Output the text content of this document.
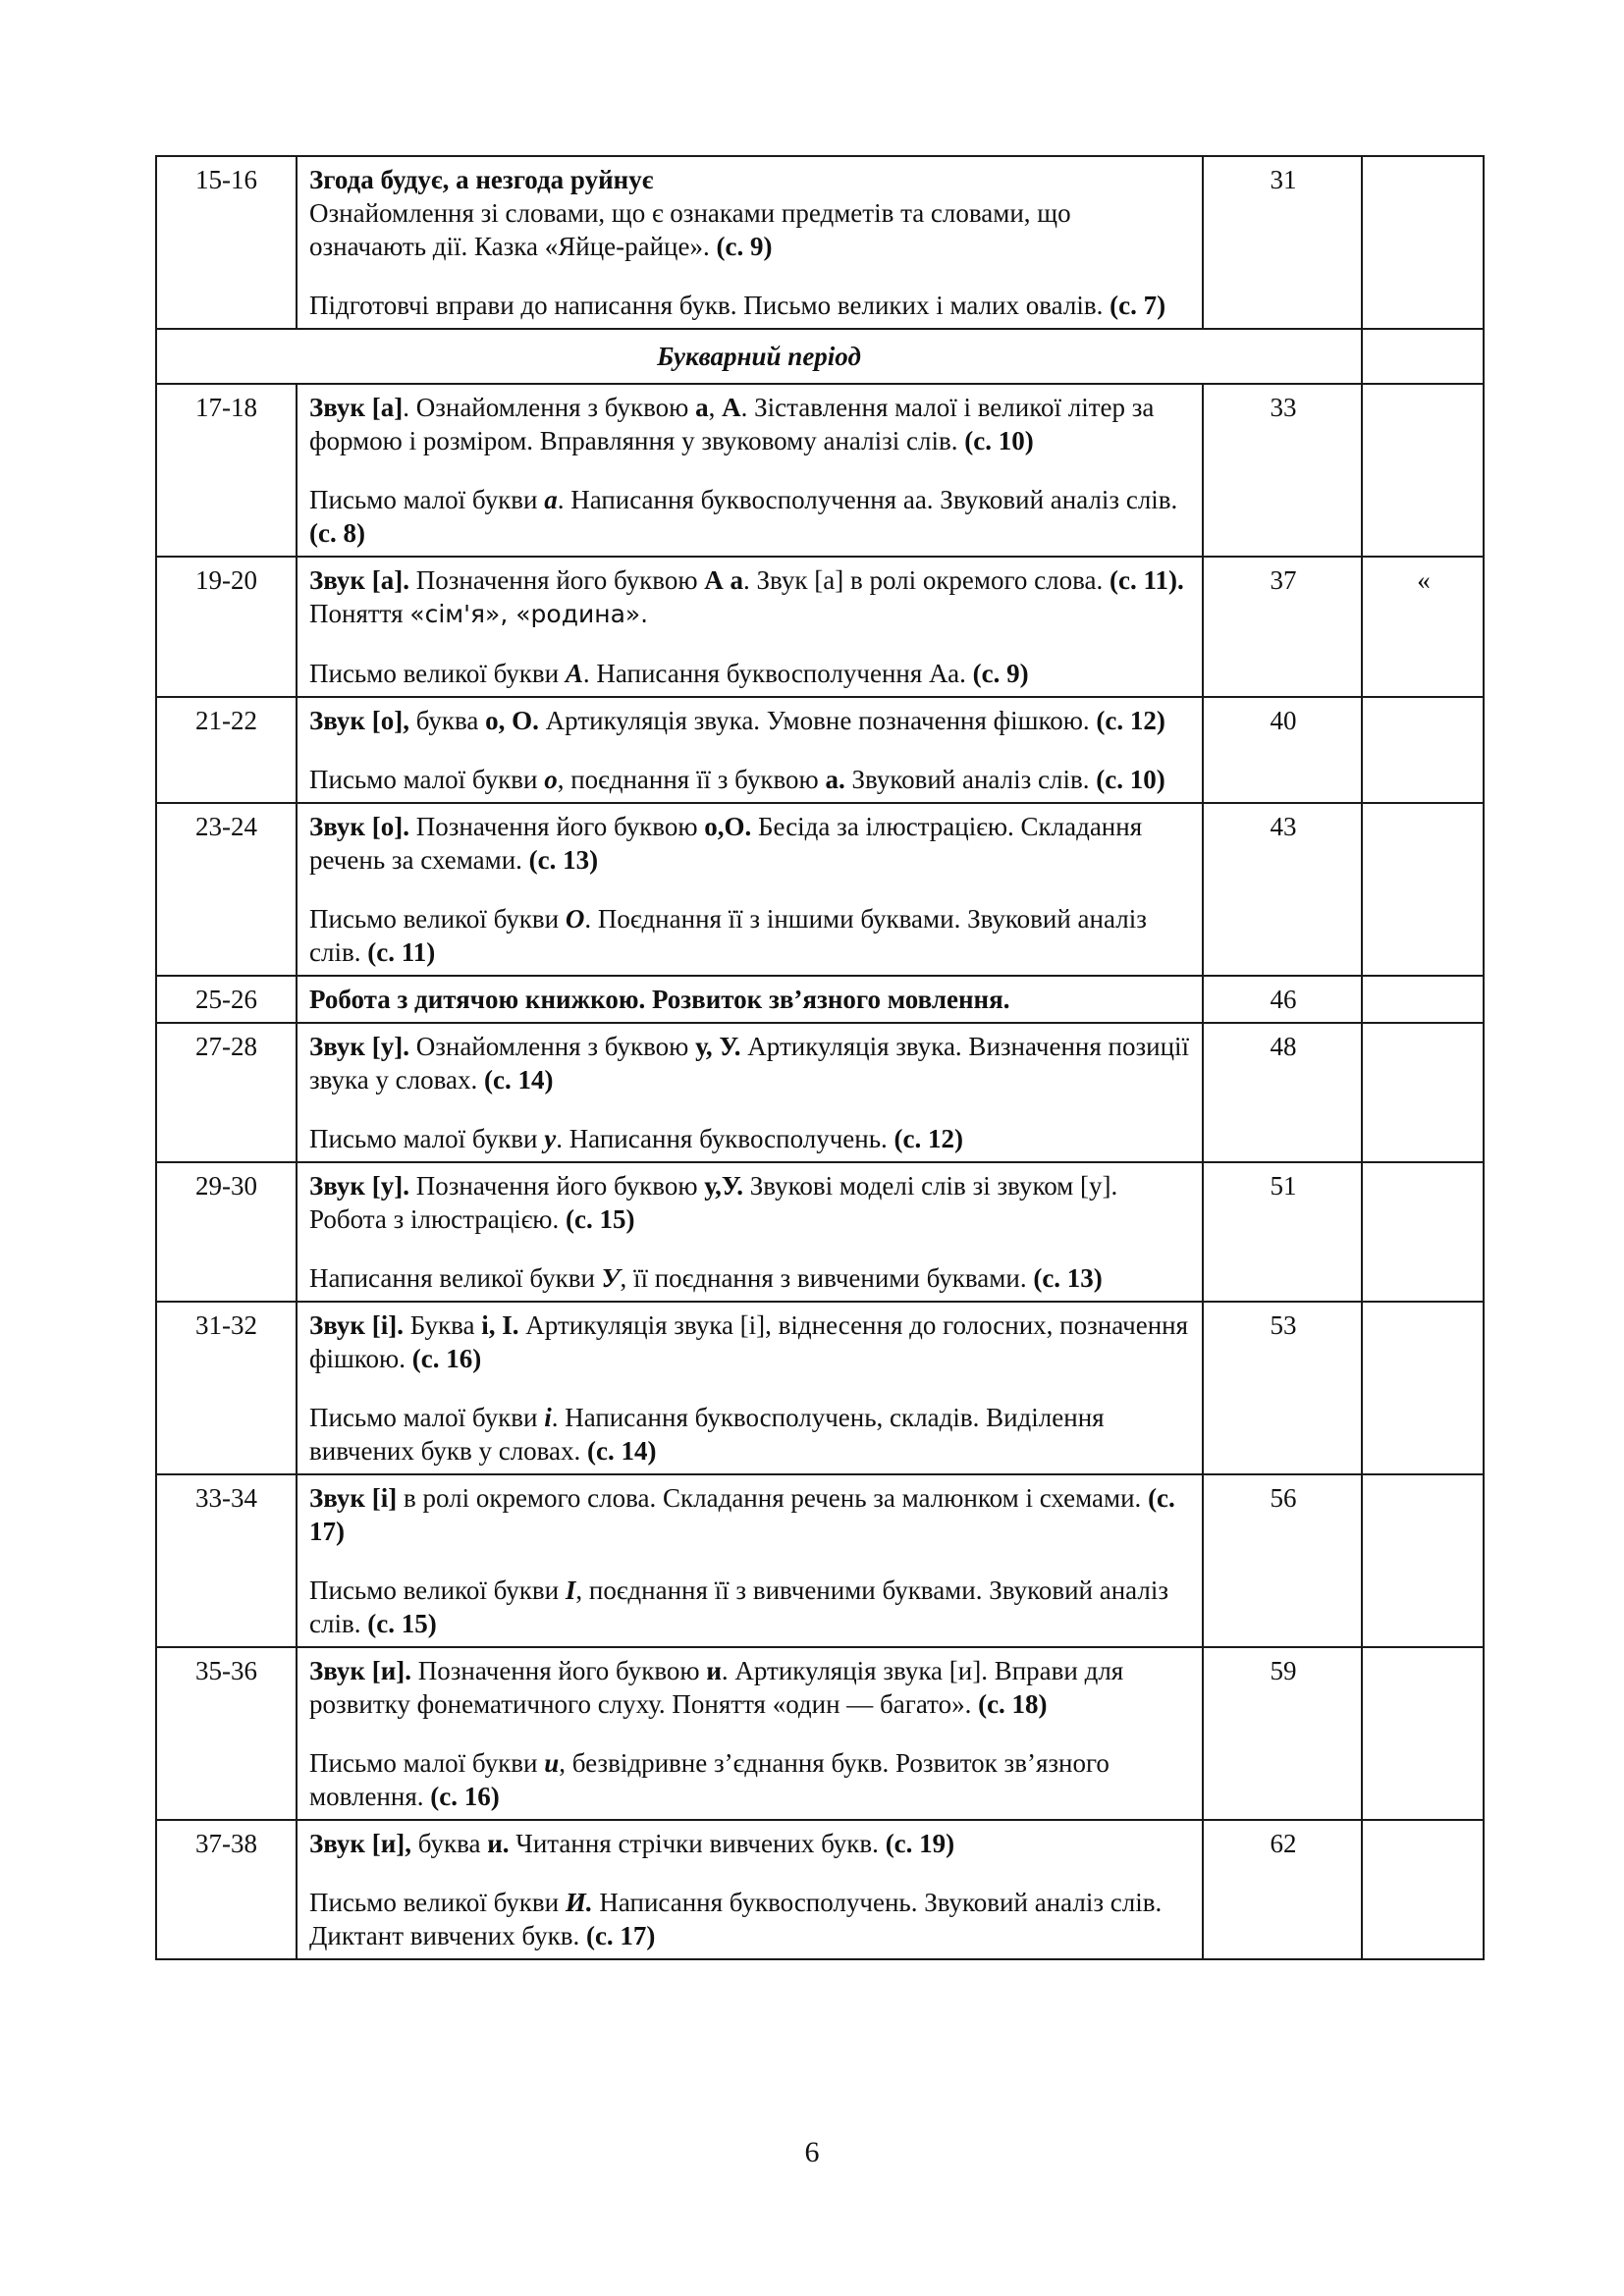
15-16	Згода будує, а незгода руйнує
Ознайомлення зі словами, що є ознаками предметів та словами, що означають дії. Казка «Яйце-райце». (с. 9)
Підготовчі вправи до написання букв. Письмо великих і малих овалів. (с. 7)	31	
Букварний період			
17-18	Звук [а]. Ознайомлення з буквою а, А. Зіставлення малої і великої літер за формою і розміром. Вправляння у звуковому аналізі слів. (с. 10)
Письмо малої букви а. Написання буквосполучення аа. Звуковий аналіз слів. (с. 8)	33	
19-20	Звук [а]. Позначення його буквою А а. Звук [а] в ролі окремого слова. (с. 11). Поняття «сім'я», «родина».
Письмо великої букви А. Написання буквосполучення Аа. (с. 9)	37	«
21-22	Звук [о], буква о, О. Артикуляція звука. Умовне позначення фішкою. (с. 12)
Письмо малої букви о, поєднання її з буквою а. Звуковий аналіз слів. (с. 10)	40	
23-24	Звук [о]. Позначення його буквою о,О. Бесіда за ілюстрацією. Складання речень за схемами. (с. 13)
Письмо великої букви О. Поєднання її з іншими буквами. Звуковий аналіз слів. (с. 11)	43	
25-26	Робота з дитячою книжкою. Розвиток зв’язного мовлення.	46	
27-28	Звук [у]. Ознайомлення з буквою у, У. Артикуляція звука. Визначення позиції звука у словах. (с. 14)
Письмо малої букви у. Написання буквосполучень. (с. 12)	48	
29-30	Звук [у]. Позначення його буквою у,У. Звукові моделі слів зі звуком [у]. Робота з ілюстрацією. (с. 15)
Написання великої букви У, її поєднання з вивченими буквами. (с. 13)	51	
31-32	Звук [і]. Буква і, І. Артикуляція звука [і], віднесення до голосних, позначення фішкою. (с. 16)
Письмо малої букви і. Написання буквосполучень, складів. Виділення вивчених букв у словах. (с. 14)	53	
33-34	Звук [і] в ролі окремого слова. Складання речень за малюнком і схемами. (с. 17)
Письмо великої букви І, поєднання її з вивченими буквами. Звуковий аналіз слів. (с. 15)	56	
35-36	Звук [и]. Позначення його буквою и. Артикуляція звука [и]. Вправи для розвитку фонематичного слуху. Поняття «один — багато». (с. 18)
Письмо малої букви и, безвідривне з’єднання букв. Розвиток зв’язного мовлення. (с. 16)	59	
37-38	Звук [и], буква и. Читання стрічки вивчених букв. (с. 19)
Письмо великої букви И. Написання буквосполучень. Звуковий аналіз слів. Диктант вивчених букв. (с. 17)	62	
6
